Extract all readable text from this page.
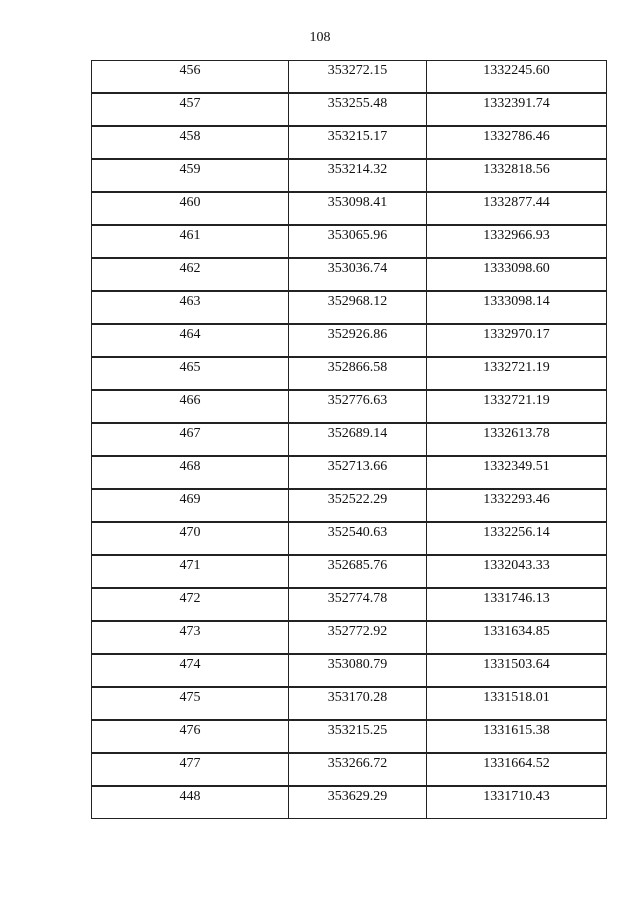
108
456	353272.15	1332245.60
457	353255.48	1332391.74
458	353215.17	1332786.46
459	353214.32	1332818.56
460	353098.41	1332877.44
461	353065.96	1332966.93
462	353036.74	1333098.60
463	352968.12	1333098.14
464	352926.86	1332970.17
465	352866.58	1332721.19
466	352776.63	1332721.19
467	352689.14	1332613.78
468	352713.66	1332349.51
469	352522.29	1332293.46
470	352540.63	1332256.14
471	352685.76	1332043.33
472	352774.78	1331746.13
473	352772.92	1331634.85
474	353080.79	1331503.64
475	353170.28	1331518.01
476	353215.25	1331615.38
477	353266.72	1331664.52
448	353629.29	1331710.43
